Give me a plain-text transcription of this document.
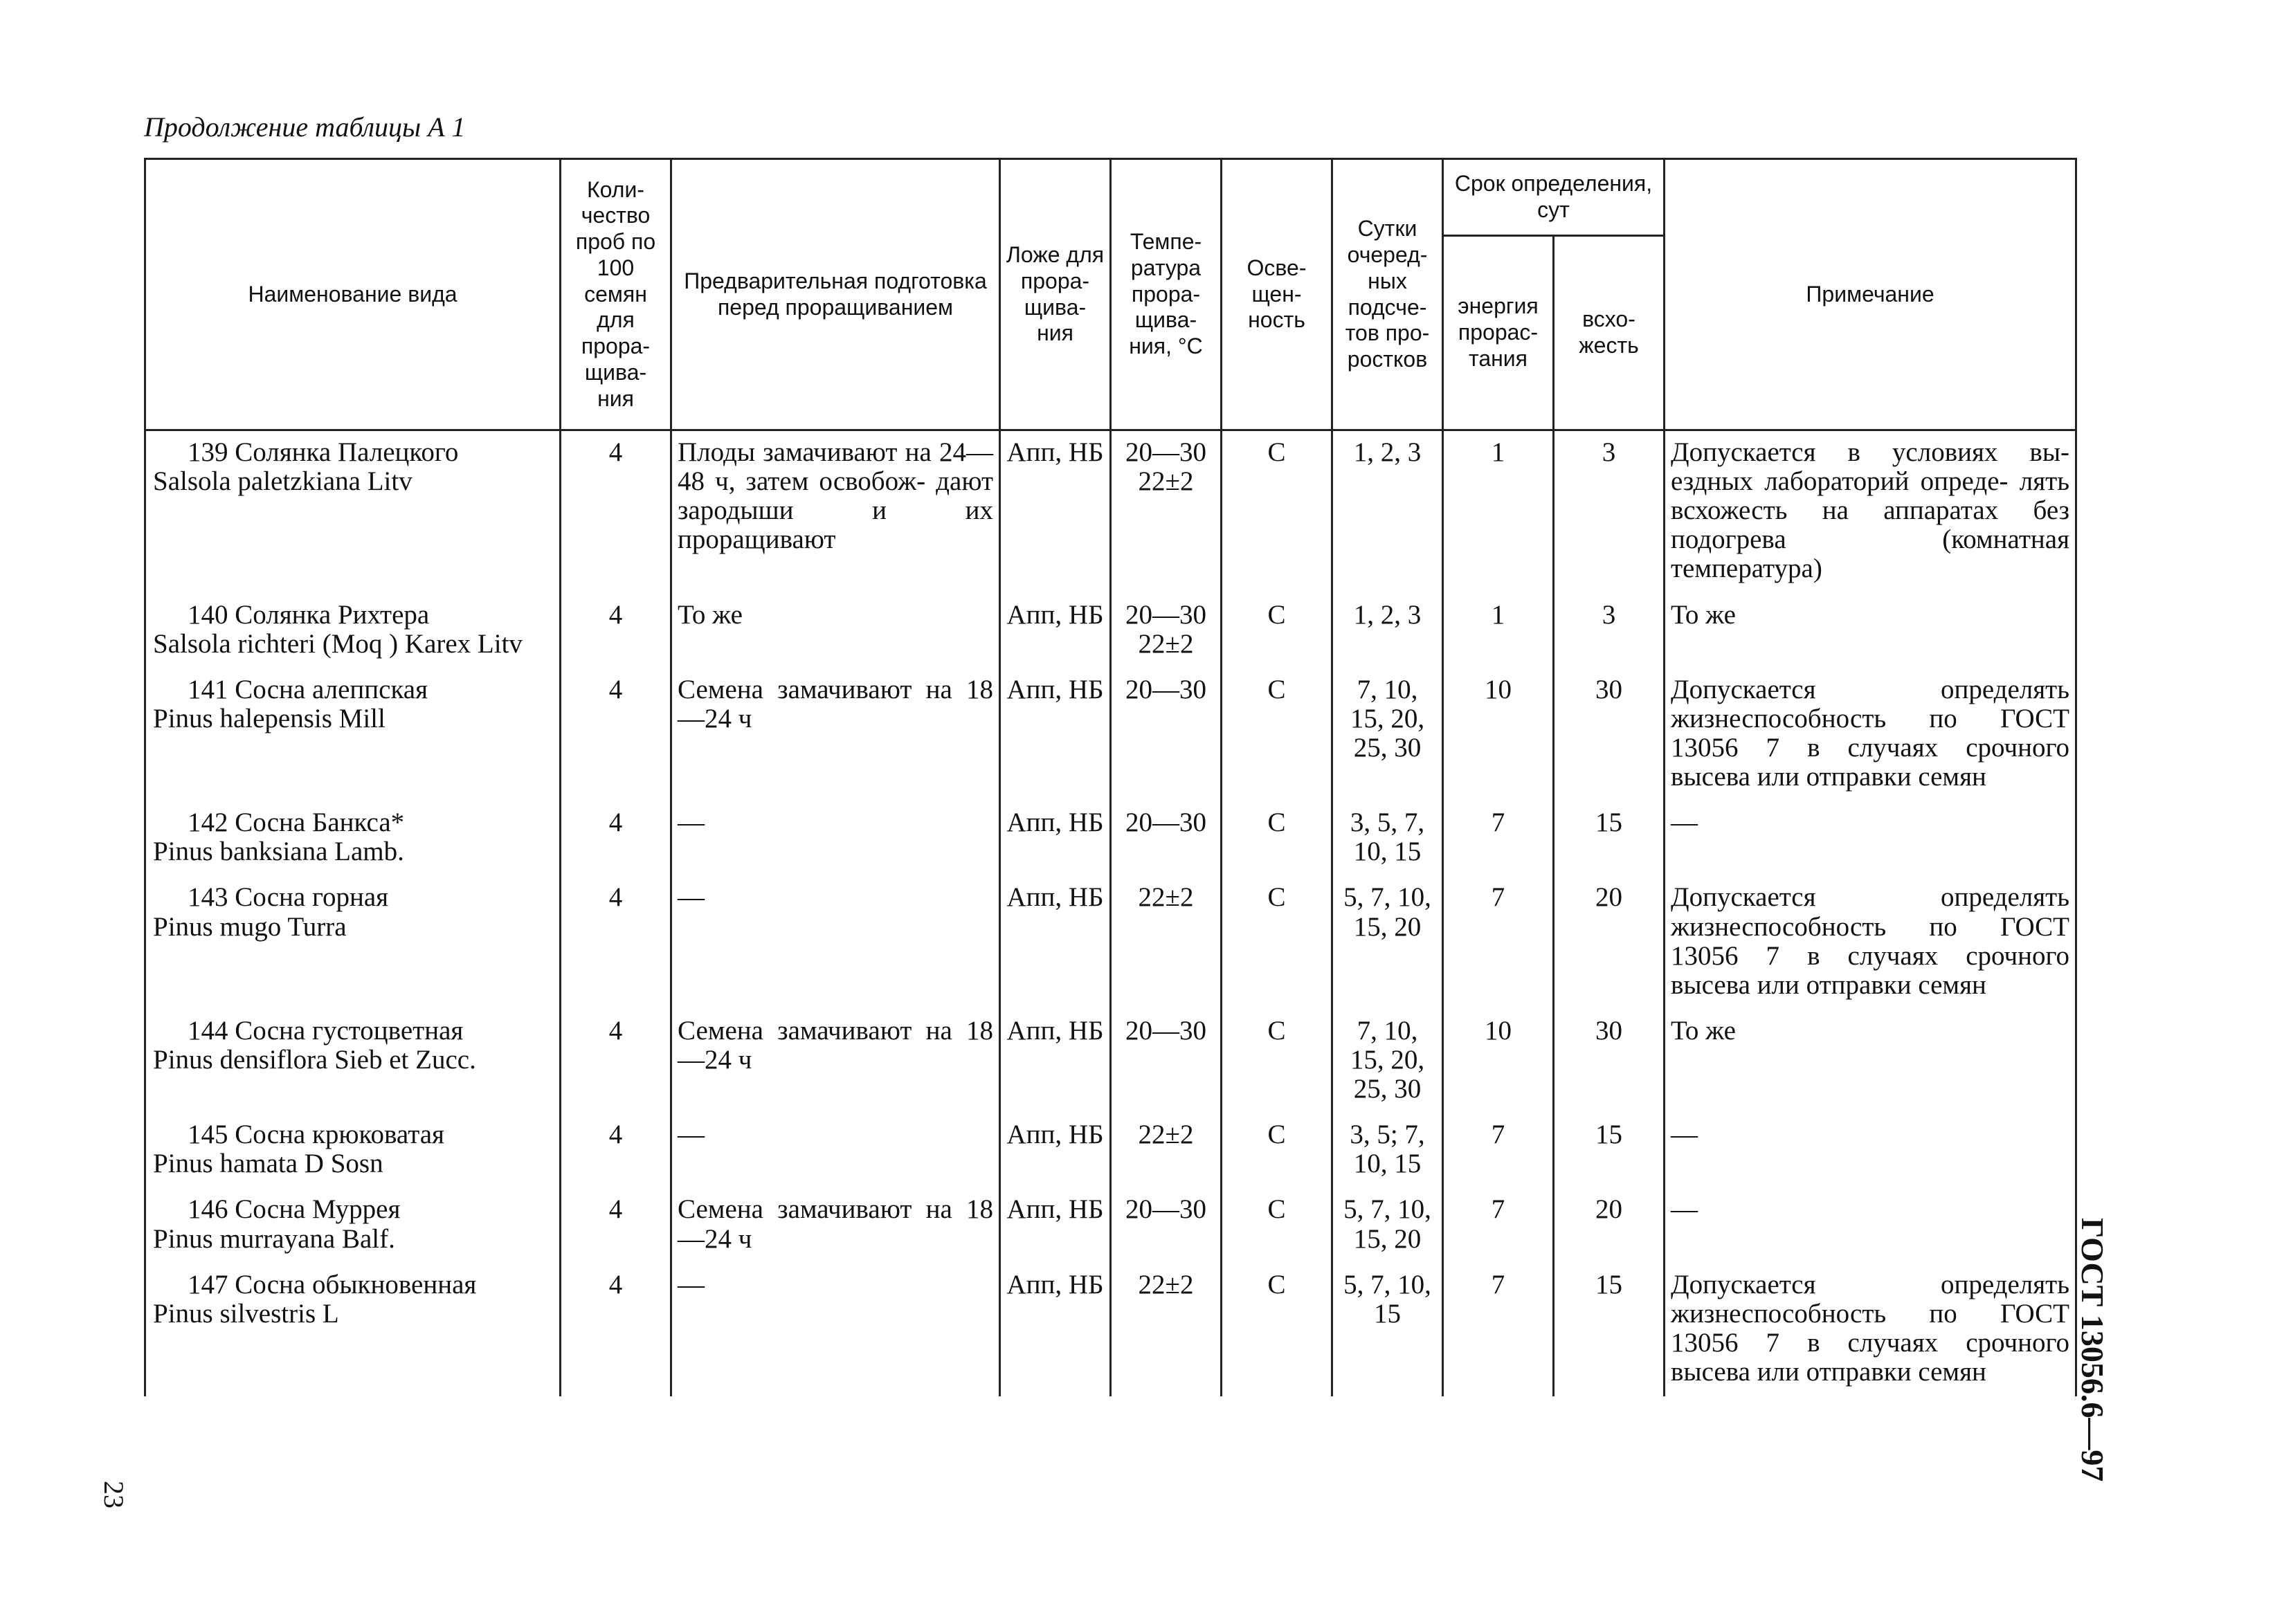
Продолжение таблицы А 1
Наименование вида	Коли- чество проб по 100 семян для прора- щива- ния	Предварительная подготовка перед проращиванием	Ложе для прора- щива- ния	Темпе- ратура прора- щива- ния, °С	Осве- щен- ность	Сутки очеред- ных подсче- тов про- ростков	Срок определения, сут		Примечание
							энергия прорас- тания	всхо- жесть	

139 Солянка Палецкого
Salsola paletzkiana Litv	4	Плоды замачивают на 24—48 ч, затем освобож- дают зародыши и их проращивают	Апп, НБ	20—30 22±2	С	1, 2, 3	1	3	Допускается в условиях вы- ездных лабораторий опреде- лять всхожесть на аппаратах без подогрева (комнатная температура)

140 Солянка Рихтера
Salsola richteri (Moq ) Karex Litv	4	То же	Апп, НБ	20—30 22±2	С	1, 2, 3	1	3	То же

141 Сосна алеппская
Pinus halepensis Mill	4	Семена замачивают на 18—24 ч	Апп, НБ	20—30	С	7, 10, 15, 20, 25, 30	10	30	Допускается определять жизнеспособность по ГОСТ 13056 7 в случаях срочного высева или отправки семян

142 Сосна Банкса*
Pinus banksiana Lamb.	4	—	Апп, НБ	20—30	С	3, 5, 7, 10, 15	7	15	—

143 Сосна горная
Pinus mugo Turra	4	—	Апп, НБ	22±2	С	5, 7, 10, 15, 20	7	20	Допускается определять жизнеспособность по ГОСТ 13056 7 в случаях срочного высева или отправки семян

144 Сосна густоцветная
Pinus densiflora Sieb et Zucc.	4	Семена замачивают на 18—24 ч	Апп, НБ	20—30	С	7, 10, 15, 20, 25, 30	10	30	То же

145 Сосна крюковатая
Pinus hamata D Sosn	4	—	Апп, НБ	22±2	С	3, 5; 7, 10, 15	7	15	—

146 Сосна Муррея
Pinus murrayana Balf.	4	Семена замачивают на 18—24 ч	Апп, НБ	20—30	С	5, 7, 10, 15, 20	7	20	—

147 Сосна обыкновенная
Pinus silvestris L	4	—	Апп, НБ	22±2	С	5, 7, 10, 15	7	15	Допускается определять жизнеспособность по ГОСТ 13056 7 в случаях срочного высева или отправки семян	ГОСТ 13056.6—97
23
